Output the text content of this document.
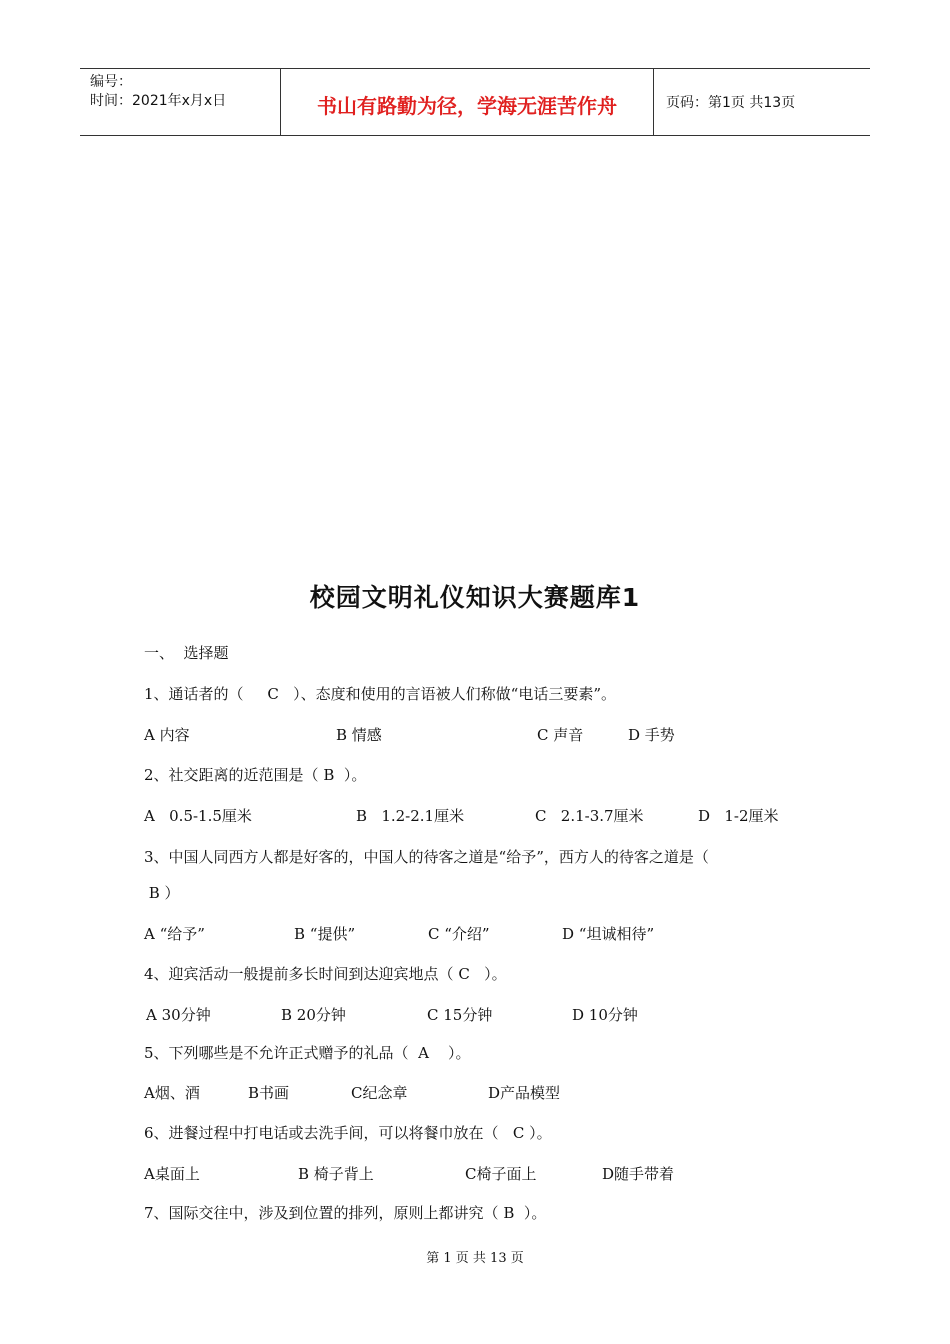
编号：
时间：2021年x月x日	书山有路勤为径，学海无涯苦作舟	页码：第1页 共13页
校园文明礼仪知识大赛题库1
一、  选择题
1、通话者的（     C   ）、态度和使用的言语被人们称做“电话三要素”。
A 内容	B 情感	C 声音	D 手势
2、社交距离的近范围是（ B  ）。
A   0.5-1.5厘米	B   1.2-2.1厘米	C   2.1-3.7厘米	D   1-2厘米
3、中国人同西方人都是好客的，中国人的待客之道是“给予”，西方人的待客之道是（
B ）
A “给予”	B “提供”	C “介绍”	D “坦诚相待”
4、迎宾活动一般提前多长时间到达迎宾地点（ C   ）。
A 30分钟	B 20分钟	C 15分钟	D 10分钟
5、下列哪些是不允许正式赠予的礼品（  A    ）。
A烟、酒	B书画	C纪念章	D产品模型
6、进餐过程中打电话或去洗手间，可以将餐巾放在（   C ）。
A桌面上	B 椅子背上	C椅子面上	D随手带着
7、国际交往中，涉及到位置的排列，原则上都讲究（ B  ）。
第 1 页 共 13 页
